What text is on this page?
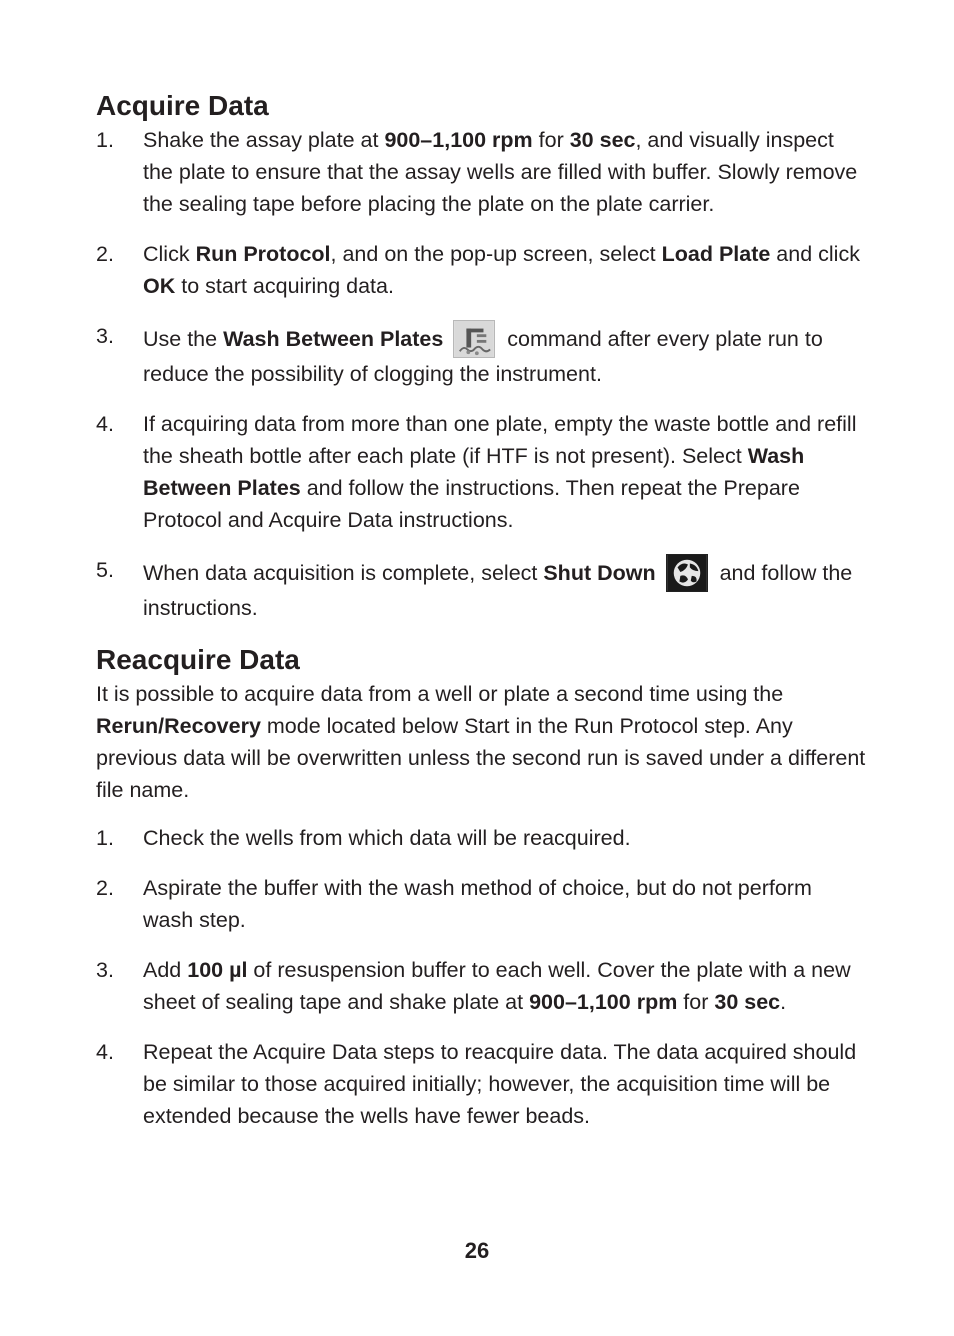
Acquire Data
1.	Shake the assay plate at 900–1,100 rpm for 30 sec, and visually inspect the plate to ensure that the assay wells are filled with buffer. Slowly remove the sealing tape before placing the plate on the plate carrier.
2.	Click Run Protocol, and on the pop-up screen, select Load Plate and click OK to start acquiring data.
3.	Use the Wash Between Plates	command after every plate run to reduce the possibility of clogging the instrument.
4.	If acquiring data from more than one plate, empty the waste bottle and refill the sheath bottle after each plate (if HTF is not present). Select Wash Between Plates and follow the instructions. Then repeat the Prepare Protocol and Acquire Data instructions.
5.	When data acquisition is complete, select Shut Down	and follow the instructions.
Reacquire Data

It is possible to acquire data from a well or plate a second time using the Rerun/Recovery mode located below Start in the Run Protocol step. Any previous data will be overwritten unless the second run is saved under a different file name.

1.	Check the wells from which data will be reacquired.
2.	Aspirate the buffer with the wash method of choice, but do not perform wash step.
3.	Add 100 µl of resuspension buffer to each well. Cover the plate with a new sheet of sealing tape and shake plate at 900–1,100 rpm for 30 sec.
4.	Repeat the Acquire Data steps to reacquire data. The data acquired should be similar to those acquired initially; however, the acquisition time will be extended because the wells have fewer beads.
26
